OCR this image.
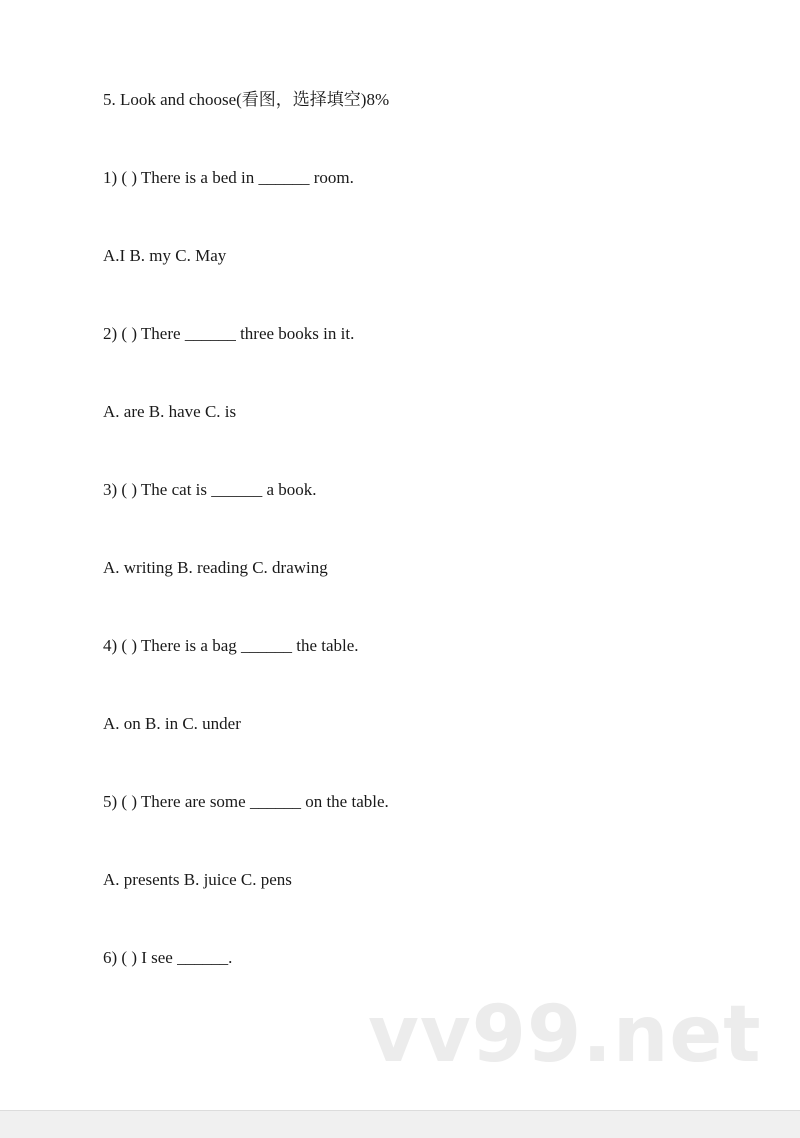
5. Look and choose(看图，选择填空)8%
1) ( ) There is a bed in ______ room.
A.I B. my C. May
2) ( ) There ______ three books in it.
A. are B. have C. is
3) ( ) The cat is ______ a book.
A. writing B. reading C. drawing
4) ( ) There is a bag ______ the table.
A. on B. in C. under
5) ( ) There are some ______ on the table.
A. presents B. juice C. pens
6) ( ) I see ______.
vv99.net
